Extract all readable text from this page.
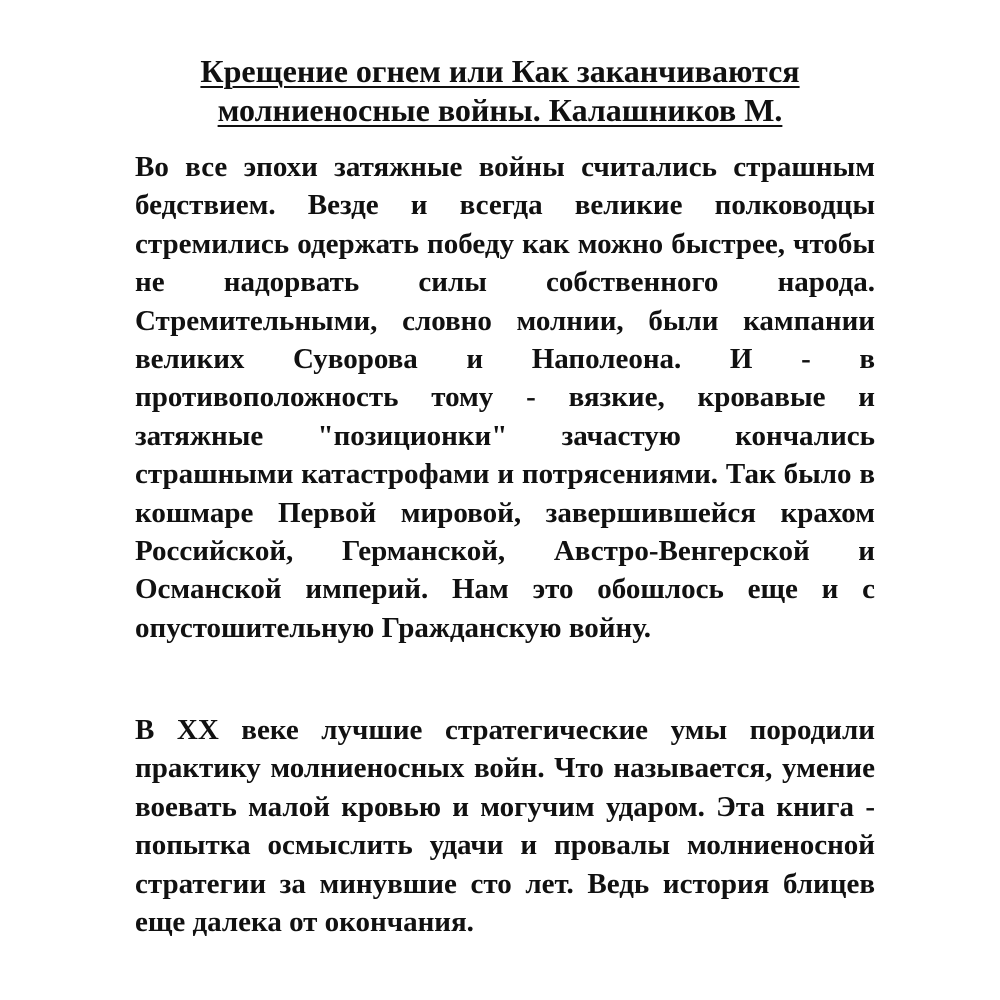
Крещение огнем или Как заканчиваются молниеносные войны. Калашников М.

Во все эпохи затяжные войны считались страшным бедствием. Везде и всегда великие полководцы стремились одержать победу как можно быстрее, чтобы не надорвать силы собственного народа. Стремительными, словно молнии, были кампании великих Суворова и Наполеона. И - в противоположность тому - вязкие, кровавые и затяжные "позиционки" зачастую кончались страшными катастрофами и потрясениями. Так было в кошмаре Первой мировой, завершившейся крахом Российской, Германской, Австро-Венгерской и Османской империй. Нам это обошлось еще и с опустошительную Гражданскую войну.

В XX веке лучшие стратегические умы породили практику молниеносных войн. Что называется, умение воевать малой кровью и могучим ударом. Эта книга - попытка осмыслить удачи и провалы молниеносной стратегии за минувшие сто лет. Ведь история блицев еще далека от окончания.
